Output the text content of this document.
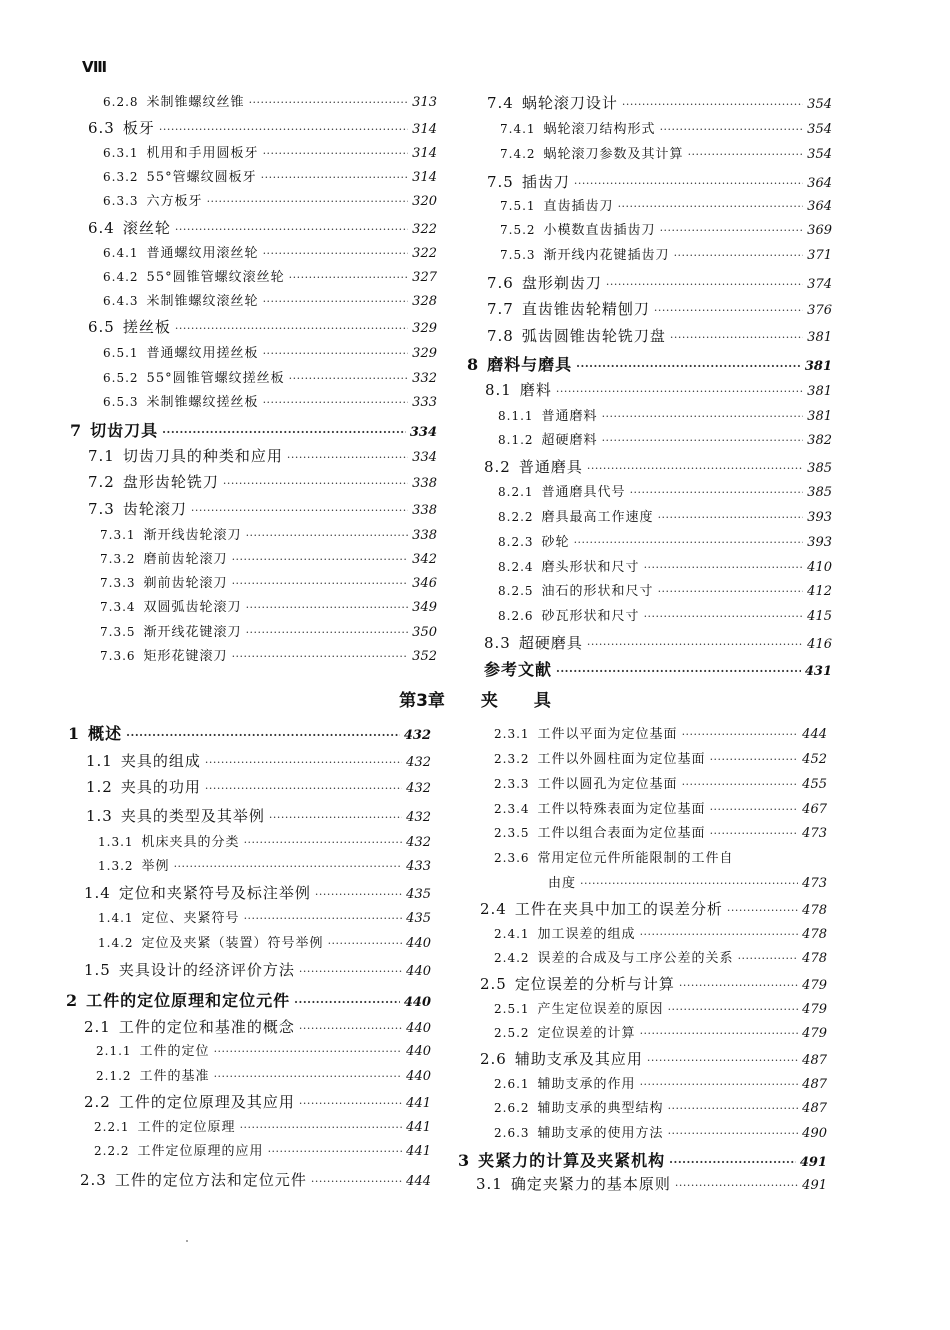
Ⅷ
6.2.8 米制锥螺纹丝锥 ·····	313
6.3 板牙 ·····	314
6.3.1 机用和手用圆板牙 ·····	314
6.3.2 55°管螺纹圆板牙 ·····	314
6.3.3 六方板牙 ·····	320
6.4 滚丝轮 ·····	322
6.4.1 普通螺纹用滚丝轮 ·····	322
6.4.2 55°圆锥管螺纹滚丝轮 ·····	327
6.4.3 米制锥螺纹滚丝轮 ·····	328
6.5 搓丝板 ·····	329
6.5.1 普通螺纹用搓丝板 ·····	329
6.5.2 55°圆锥管螺纹搓丝板 ·····	332
6.5.3 米制锥螺纹搓丝板 ·····	333
7 切齿刀具 ·····	334
7.1 切齿刀具的种类和应用 ·····	334
7.2 盘形齿轮铣刀 ·····	338
7.3 齿轮滚刀 ·····	338
7.3.1 渐开线齿轮滚刀 ·····	338
7.3.2 磨前齿轮滚刀 ·····	342
7.3.3 剃前齿轮滚刀 ·····	346
7.3.4 双圆弧齿轮滚刀 ·····	349
7.3.5 渐开线花键滚刀 ·····	350
7.3.6 矩形花键滚刀 ·····	352
7.4 蜗轮滚刀设计 ·····	354
7.4.1 蜗轮滚刀结构形式 ·····	354
7.4.2 蜗轮滚刀参数及其计算 ·····	354
7.5 插齿刀 ·····	364
7.5.1 直齿插齿刀 ·····	364
7.5.2 小模数直齿插齿刀 ·····	369
7.5.3 渐开线内花键插齿刀 ·····	371
7.6 盘形剃齿刀 ·····	374
7.7 直齿锥齿轮精刨刀 ·····	376
7.8 弧齿圆锥齿轮铣刀盘 ·····	381
8 磨料与磨具 ·····	381
8.1 磨料 ·····	381
8.1.1 普通磨料 ·····	381
8.1.2 超硬磨料 ·····	382
8.2 普通磨具 ·····	385
8.2.1 普通磨具代号 ·····	385
8.2.2 磨具最高工作速度 ·····	393
8.2.3 砂轮 ·····	393
8.2.4 磨头形状和尺寸 ·····	410
8.2.5 油石的形状和尺寸 ·····	412
8.2.6 砂瓦形状和尺寸 ·····	415
8.3 超硬磨具 ·····	416
参考文献 ·····	431
1 概述 ·····	432
1.1 夹具的组成 ·····	432
1.2 夹具的功用 ·····	432
1.3 夹具的类型及其举例 ·····	432
1.3.1 机床夹具的分类 ·····	432
1.3.2 举例 ·····	433
1.4 定位和夹紧符号及标注举例 ·····	435
1.4.1 定位、夹紧符号 ·····	435
1.4.2 定位及夹紧（装置）符号举例 ·····	440
1.5 夹具设计的经济评价方法 ·····	440
2 工件的定位原理和定位元件 ·····	440
2.1 工件的定位和基准的概念 ·····	440
2.1.1 工件的定位 ·····	440
2.1.2 工件的基准 ·····	440
2.2 工件的定位原理及其应用 ·····	441
2.2.1 工件的定位原理 ·····	441
2.2.2 工件定位原理的应用 ·····	441
2.3 工件的定位方法和定位元件 ·····	444
2.3.1 工件以平面为定位基面 ·····	444
2.3.2 工件以外圆柱面为定位基面 ·····	452
2.3.3 工件以圆孔为定位基面 ·····	455
2.3.4 工件以特殊表面为定位基面 ·····	467
2.3.5 工件以组合表面为定位基面 ·····	473
2.3.6 常用定位元件所能限制的工件自
由度 ·····	473
2.4 工件在夹具中加工的误差分析 ·····	478
2.4.1 加工误差的组成 ·····	478
2.4.2 误差的合成及与工序公差的关系 ·····	478
2.5 定位误差的分析与计算 ·····	479
2.5.1 产生定位误差的原因 ·····	479
2.5.2 定位误差的计算 ·····	479
2.6 辅助支承及其应用 ·····	487
2.6.1 辅助支承的作用 ·····	487
2.6.2 辅助支承的典型结构 ·····	487
2.6.3 辅助支承的使用方法 ·····	490
3 夹紧力的计算及夹紧机构 ·····	491
3.1 确定夹紧力的基本原则 ·····	491
第3章 夹 具
